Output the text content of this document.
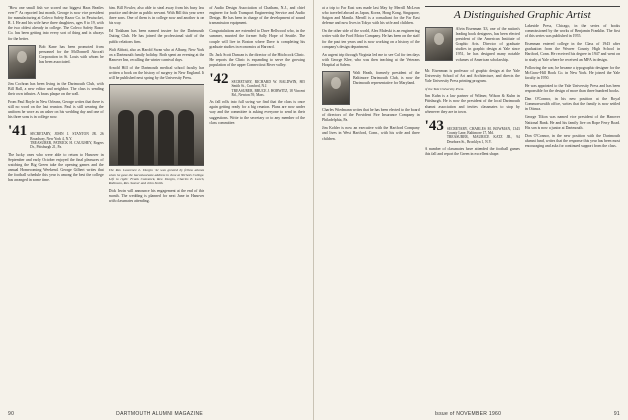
"How one small fish we scored our biggest Haas Beatles ever?" As reported last month, George is now vice president for manufacturing at Coleco Safety Razor Co. in Pawtucket, R. I. He and his wife have three daughters, ages 8 to 19, with the two oldest already in college. The Coleco Safety Razor Co. has been getting into every sort of thing and is always for the better.

Bob Kane has been promoted from personnel for the McDonnell Aircraft Corporation in St. Louis with whom he has been associated.

Jim Cochran has been living in the Dartmouth Club, with Bill Ball, a new editor and neighbor. The class is sending their own tributes. A brass plaque on the wall.

From Paul Boyle in New Orleans, George writes that there is still no word on the last reunion. Paul is still wearing the uniform he wore as an usher on his wedding day and one of his three sons is in college now.

'41 SECRETARY, JOHN J. STANTON JR. 26 Broadway, New York 4, N.Y.
TREASURER, PATRICK H. CAUGHEY, Rogers Dr., Pittsburgh 21, Pa.

The lucky ones who were able to return to Hanover in September and early October enjoyed the final pleasures of watching the Big Green take the opening games and the annual Homecoming Weekend. George Gilbert writes that the football schedule this year is among the best the college has arranged in some time.

him. Bill Fowler, also able to steal away from his busy law practice and desire as public servant. With Bill this year were three sons. One of them is in college now and another is on his way.

Ed Tinkham has been named trustee for the Dartmouth Outing Club. He has joined the professional staff of the public relations firm.

Walt Abbott, also as Harold Swan who at Albany, New York on a Dartmouth family holiday. Both spent an evening at the Hanover Inn, recalling the winter carnival days.

Arnold Hill of the Dartmouth medical school faculty has written a book on the history of surgery in New England. It will be published next spring by the University Press.

The Rev. Lawrence L. Durgin '41 was greeted by fellow alumni when he gave the baccalaureate address in June at Nichols College. Left to right: Frank Comstock, Rev. Durgin, Charles E. Leech, Robinson, Rev. Seaver and John Smith.

Dick Irwin will announce his engagement at the end of this month. The wedding is planned for next June in Hanover with classmates attending.

of Audio Design Association of Chatham, N.J., and chief engineer for both Transport Engineering Service and Audio Design. He has been in charge of the development of sound transmission equipment.

Congratulations are extended to Dave Bellwood who, in the summer, married the former Sally Hope of Seattle. The couple will live in Boston where Dave is completing his graduate studies in economics at Harvard.

Dr. Jack Scott Duncan is the director of the Hitchcock Clinic. He reports the Clinic is expanding to serve the growing population of the upper Connecticut River valley.

'42 SECRETARY, RICHARD W. BALDWIN, 805 Smith St., Cranford, N.J.
TREASURER, BRUCE J. HORWITZ, 18 Vincent Rd., Newton 59, Mass.

As fall rolls into full swing we find that the class is once again getting ready for a big reunion. Plans are now under way and the committee is asking everyone to send in their suggestions. Write to the secretary or to any member of the class committee.

90	DARTMOUTH ALUMNI MAGAZINE

at a trip to Far East was made last May by Merrill McLean who traveled abroad as Japan, Korea, Hong Kong, Singapore, Saigon and Manila. Merrill is a consultant for the Far East defense and now lives in Tokyo with his wife and children.

On the other side of the world, Alex Maleski is an engineering writer with the Ford Motor Company. He has been on the staff for the past ten years and is now working on a history of the company's design department.

An urgent trip through Virginia led me to see Cal for ten days with George Klee, who was then teaching at the Veterans Hospital at Salem.

Walt Heath, formerly president of the Baltimore Dartmouth Club, is now the Dartmouth representative for Maryland.

Charles Wiedmann writes that he has been elected to the board of directors of the Provident Fire Insurance Company in Philadelphia, Pa.

Jim Kohler is now an executive with the Hartford Company and lives in West Hartford, Conn., with his wife and three children.

A Distinguished Graphic Artist

Alvin Eisenman '43, one of the nation's leading book designers, has been elected president of the American Institute of Graphic Arts. Director of graduate studies in graphic design at Yale since 1951, he has designed many notable volumes of American scholarship.

Mr. Eisenman is professor of graphic design at the Yale University School of Art and Architecture, and directs the Yale University Press printing program.

of the Yale University Press.

Jim Kuhn is a law partner of Wilmer, Wilson & Kuhn in Pittsburgh. He is now the president of the local Dartmouth alumni association and invites classmates to stop by whenever they are in town.

'43 SECRETARY, CHARLES M. BOWMAN, 1343 County Lane, Baltimore 17, Md.
TREASURER, MAURICE KATZ JR., 94 Dearborn St., Brooklyn 1, N.Y.

A number of classmates have attended the football games this fall and report the Green in excellent shape.

Lakeside Press, Chicago, in the series of books commissioned by the works of Benjamin Franklin. The first of this series was published in 1955.

Eisenman entered college in the Class of 1943 after graduation from the Weaver County High School in Hartford, Conn. He received his degree in 1947 and went on to study at Yale where he received an MFA in design.

Following the war, he became a typographic designer for the McGraw-Hill Book Co. in New York. He joined the Yale faculty in 1950.

He was appointed to the Yale University Press and has been responsible for the design of more than three hundred books.

Dan O'Connor, in his new position at the Royal Commonwealth office, writes that the family is now settled in Ottawa.

George Tilton was named vice president of the Hanover National Bank. He and his family live on Rope Ferry Road. His son is now a junior at Dartmouth.

Don O'Connor, in the new position with the Dartmouth alumni fund, writes that the response this year has been most encouraging and asks for continued support from the class.

Issue of NOVEMBER 1960	91
